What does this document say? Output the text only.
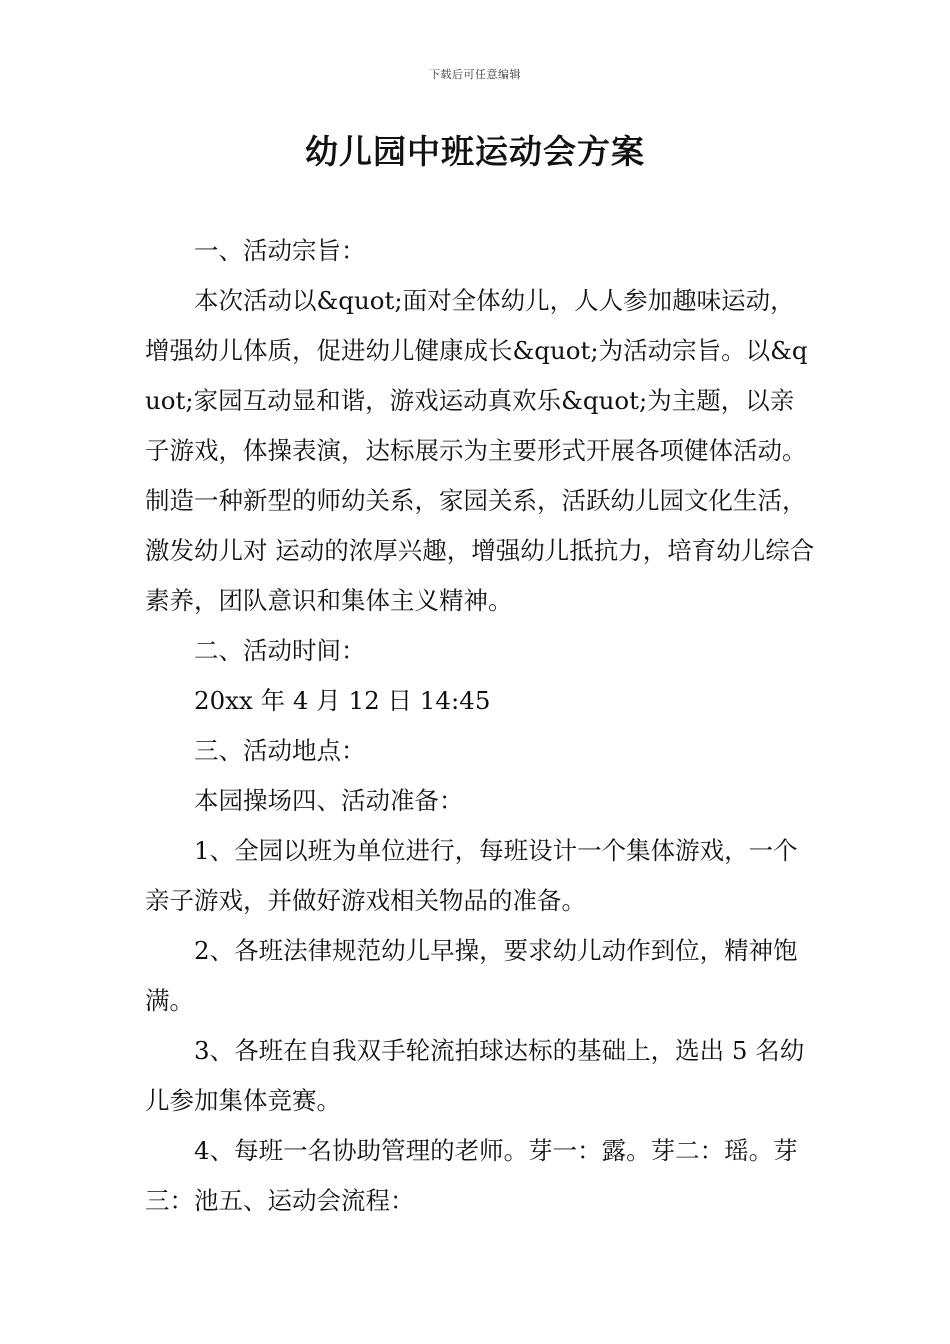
下载后可任意编辑
幼儿园中班运动会方案

一、活动宗旨：

本次活动以&quot;面对全体幼儿，人人参加趣味运动，增强幼儿体质，促进幼儿健康成长&quot;为活动宗旨。以&quot;家园互动显和谐，游戏运动真欢乐&quot;为主题，以亲子游戏，体操表演，达标展示为主要形式开展各项健体活动。制造一种新型的师幼关系，家园关系，活跃幼儿园文化生活，激发幼儿对 运动的浓厚兴趣，增强幼儿抵抗力，培育幼儿综合素养，团队意识和集体主义精神。

二、活动时间：

20xx 年 4 月 12 日 14:45

三、活动地点：

本园操场四、活动准备：

1、全园以班为单位进行，每班设计一个集体游戏，一个亲子游戏，并做好游戏相关物品的准备。

2、各班法律规范幼儿早操，要求幼儿动作到位，精神饱满。

3、各班在自我双手轮流拍球达标的基础上，选出 5 名幼儿参加集体竞赛。

4、每班一名协助管理的老师。芽一：露。芽二：瑶。芽三：池五、运动会流程：
